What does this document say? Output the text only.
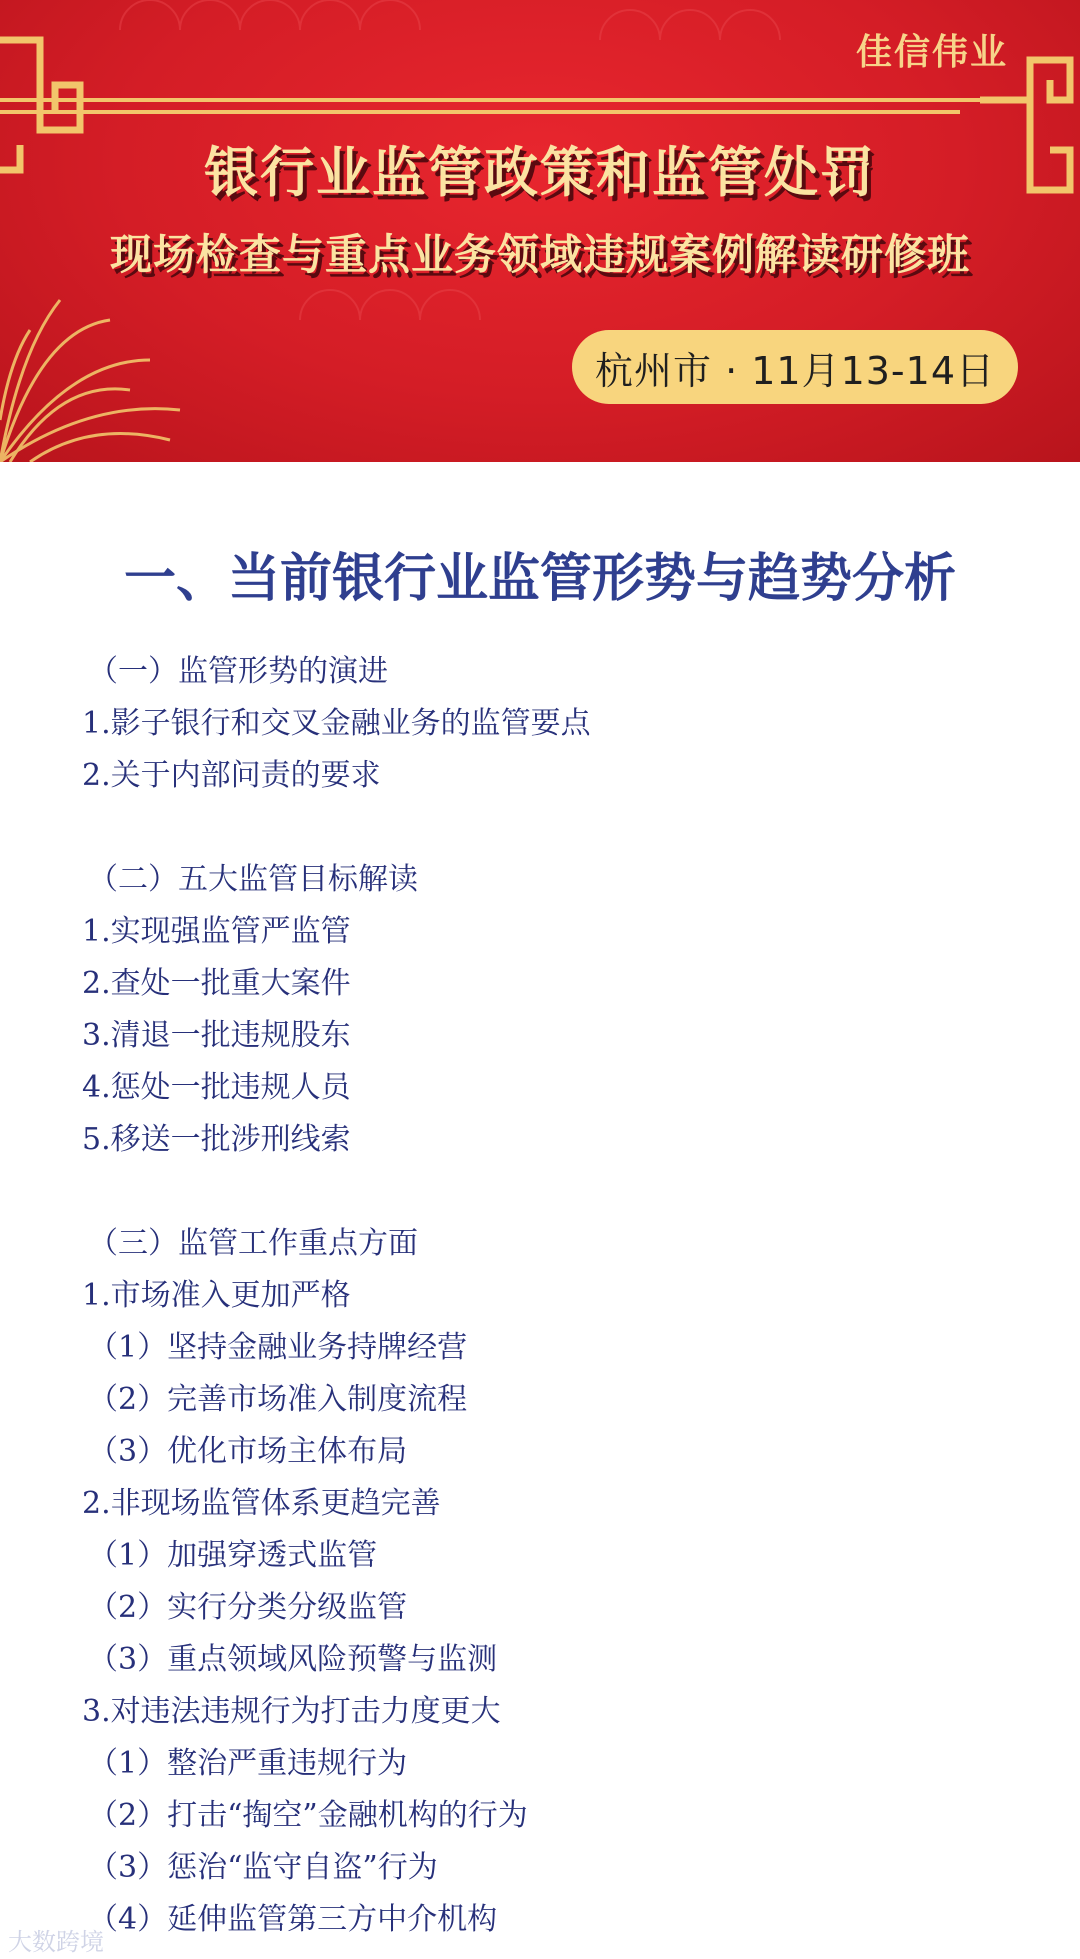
佳信伟业
银行业监管政策和监管处罚
现场检查与重点业务领域违规案例解读研修班
杭州市 · 11月13-14日
一、当前银行业监管形势与趋势分析
（一）监管形势的演进
1.影子银行和交叉金融业务的监管要点
2.关于内部问责的要求
（二）五大监管目标解读
1.实现强监管严监管
2.查处一批重大案件
3.清退一批违规股东
4.惩处一批违规人员
5.移送一批涉刑线索
（三）监管工作重点方面
1.市场准入更加严格
（1）坚持金融业务持牌经营
（2）完善市场准入制度流程
（3）优化市场主体布局
2.非现场监管体系更趋完善
（1）加强穿透式监管
（2）实行分类分级监管
（3）重点领域风险预警与监测
3.对违法违规行为打击力度更大
（1）整治严重违规行为
（2）打击“掏空”金融机构的行为
（3）惩治“监守自盗”行为
（4）延伸监管第三方中介机构
大数跨境
